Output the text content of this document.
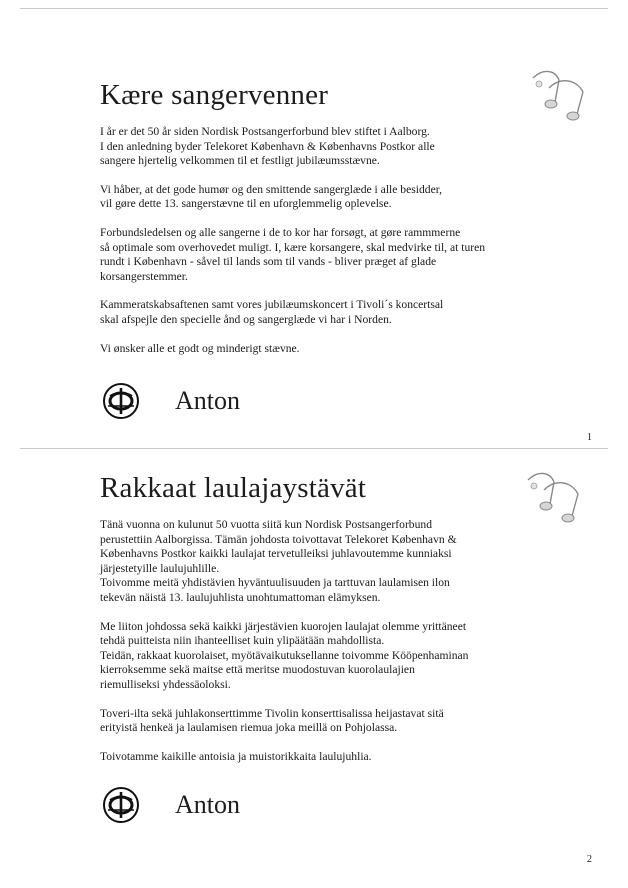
Kære sangervenner

I år er det 50 år siden Nordisk Postsangerforbund blev stiftet i Aalborg.
I den anledning byder Telekoret København & Københavns Postkor alle
sangere hjertelig velkommen til et festligt jubilæumsstævne.

Vi håber, at det gode humør og den smittende sangerglæde i alle besidder,
vil gøre dette 13. sangerstævne til en uforglemmelig oplevelse.

Forbundsledelsen og alle sangerne i de to kor har forsøgt, at gøre rammmerne
så optimale som overhovedet muligt. I, kære korsangere, skal medvirke til, at turen
rundt i København - såvel til lands som til vands - bliver præget af glade
korsangerstemmer.

Kammeratskabsaftenen samt vores jubilæumskoncert i Tivoli´s koncertsal
skal afspejle den specielle ånd og sangerglæde vi har i Norden.

Vi ønsker alle et godt og minderigt stævne.

Anton
1
Rakkaat laulajaystävät

Tänä vuonna on kulunut 50 vuotta siitä kun Nordisk Postsangerforbund
perustettiin Aalborgissa. Tämän johdosta toivottavat Telekoret København &
Københavns Postkor kaikki laulajat tervetulleiksi juhlavoutemme kunniaksi
järjestetyille laulujuhlille.
Toivomme meitä yhdistävien hyväntuulisuuden ja tarttuvan laulamisen ilon
tekevän näistä 13. laulujuhlista unohtumattoman elämyksen.

Me liiton johdossa sekä kaikki järjestävien kuorojen laulajat olemme yrittäneet
tehdä puitteista niin ihanteelliset kuin ylipäätään mahdollista.
Teidän, rakkaat kuorolaiset, myötävaikutuksellanne toivomme Kööpenhaminan
kierroksemme sekä maitse että meritse muodostuvan kuorolaulajien
riemulliseksi yhdessäoloksi.

Toveri-ilta sekä juhlakonserttimme Tivolin konserttisalissa heijastavat sitä
erityistä henkeä ja laulamisen riemua joka meillä on Pohjolassa.

Toivotamme kaikille antoisia ja muistorikkaita laulujuhlia.

Anton
2
